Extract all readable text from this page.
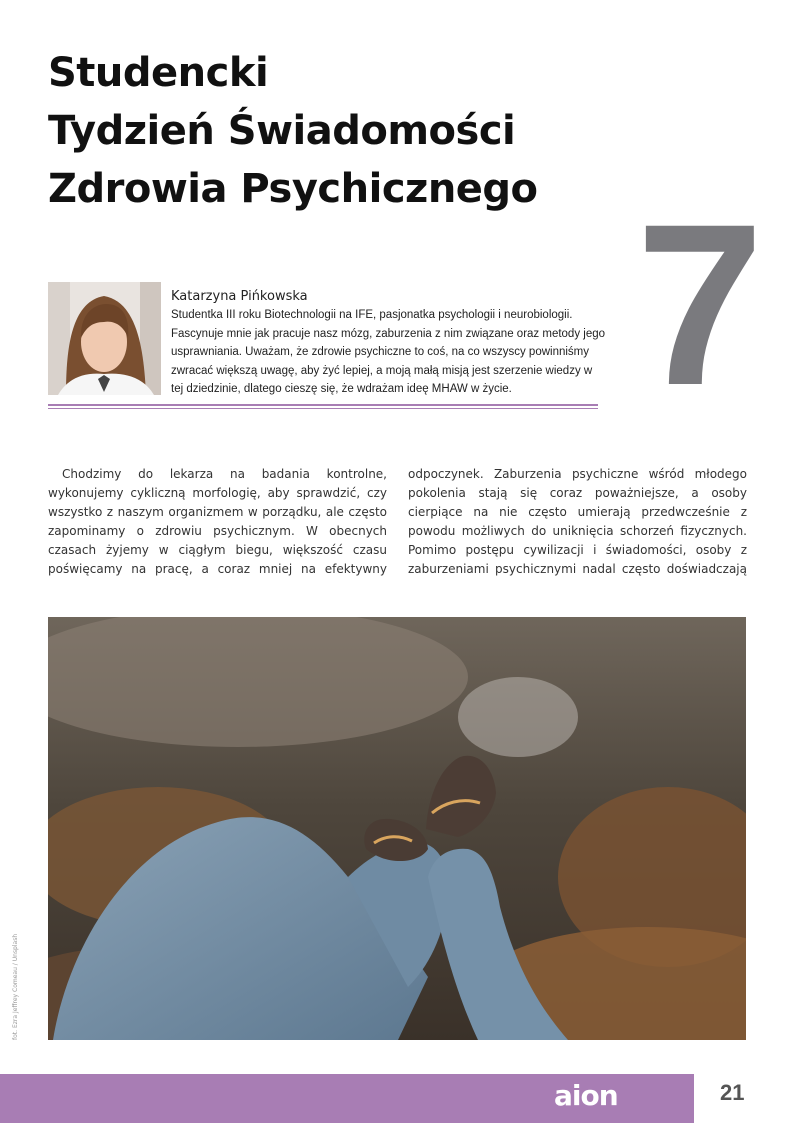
Studencki
Tydzień Świadomości
Zdrowia Psychicznego 7
Katarzyna Pińkowska

Studentka III roku Biotechnologii na IFE, pasjonatka psychologii i neurobiologii. Fascynuje mnie jak pracuje nasz mózg, zaburzenia z nim związane oraz metody jego usprawniania. Uważam, że zdrowie psychiczne to coś, na co wszyscy powinniśmy zwracać większą uwagę, aby żyć lepiej, a moją małą misją jest szerzenie wiedzy w tej dziedzinie, dlatego cieszę się, że wdrażam ideę MHAW w życie.

Chodzimy do lekarza na badania kontrolne, wykonujemy cykliczną morfologię, aby sprawdzić, czy wszystko z naszym organizmem w porządku, ale często zapominamy o zdrowiu psychicznym. W obecnych czasach żyjemy w ciągłym biegu, większość czasu poświęcamy na pracę, a coraz mniej na efektywny

odpoczynek. Zaburzenia psychiczne wśród młodego pokolenia stają się coraz poważniejsze, a osoby cierpiące na nie często umierają przedwcześnie z powodu możliwych do uniknięcia schorzeń fizycznych. Pomimo postępu cywilizacji i świadomości, osoby z zaburzeniami psychicznymi nadal często doświadczają

fot. Ezra Jeffrey Comeau / Unsplash
aion	21
